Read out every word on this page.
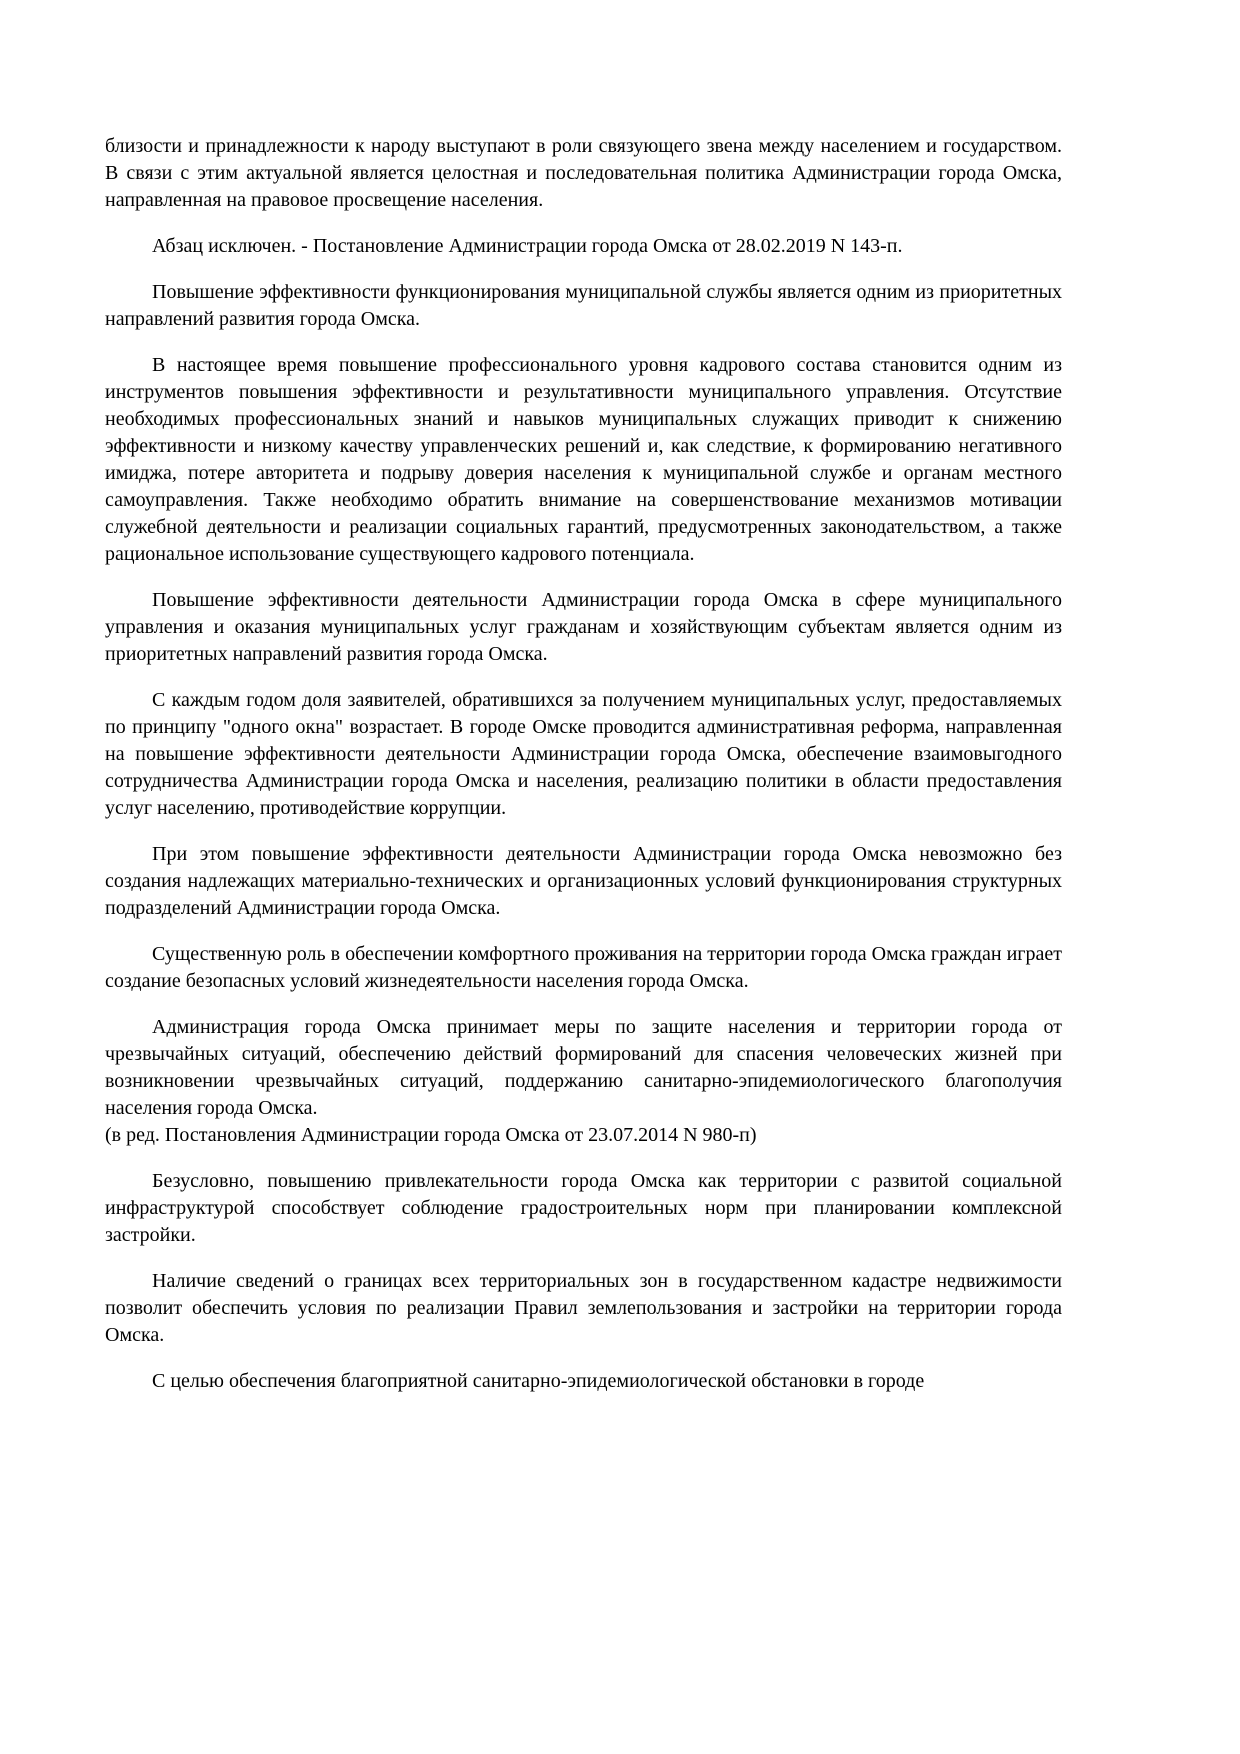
близости и принадлежности к народу выступают в роли связующего звена между населением и государством. В связи с этим актуальной является целостная и последовательная политика Администрации города Омска, направленная на правовое просвещение населения.

Абзац исключен. - Постановление Администрации города Омска от 28.02.2019 N 143-п.

Повышение эффективности функционирования муниципальной службы является одним из приоритетных направлений развития города Омска.

В настоящее время повышение профессионального уровня кадрового состава становится одним из инструментов повышения эффективности и результативности муниципального управления. Отсутствие необходимых профессиональных знаний и навыков муниципальных служащих приводит к снижению эффективности и низкому качеству управленческих решений и, как следствие, к формированию негативного имиджа, потере авторитета и подрыву доверия населения к муниципальной службе и органам местного самоуправления. Также необходимо обратить внимание на совершенствование механизмов мотивации служебной деятельности и реализации социальных гарантий, предусмотренных законодательством, а также рациональное использование существующего кадрового потенциала.

Повышение эффективности деятельности Администрации города Омска в сфере муниципального управления и оказания муниципальных услуг гражданам и хозяйствующим субъектам является одним из приоритетных направлений развития города Омска.

С каждым годом доля заявителей, обратившихся за получением муниципальных услуг, предоставляемых по принципу "одного окна" возрастает. В городе Омске проводится административная реформа, направленная на повышение эффективности деятельности Администрации города Омска, обеспечение взаимовыгодного сотрудничества Администрации города Омска и населения, реализацию политики в области предоставления услуг населению, противодействие коррупции.

При этом повышение эффективности деятельности Администрации города Омска невозможно без создания надлежащих материально-технических и организационных условий функционирования структурных подразделений Администрации города Омска.

Существенную роль в обеспечении комфортного проживания на территории города Омска граждан играет создание безопасных условий жизнедеятельности населения города Омска.

Администрация города Омска принимает меры по защите населения и территории города от чрезвычайных ситуаций, обеспечению действий формирований для спасения человеческих жизней при возникновении чрезвычайных ситуаций, поддержанию санитарно-эпидемиологического благополучия населения города Омска.

(в ред. Постановления Администрации города Омска от 23.07.2014 N 980-п)

Безусловно, повышению привлекательности города Омска как территории с развитой социальной инфраструктурой способствует соблюдение градостроительных норм при планировании комплексной застройки.

Наличие сведений о границах всех территориальных зон в государственном кадастре недвижимости позволит обеспечить условия по реализации Правил землепользования и застройки на территории города Омска.

С целью обеспечения благоприятной санитарно-эпидемиологической обстановки в городе
